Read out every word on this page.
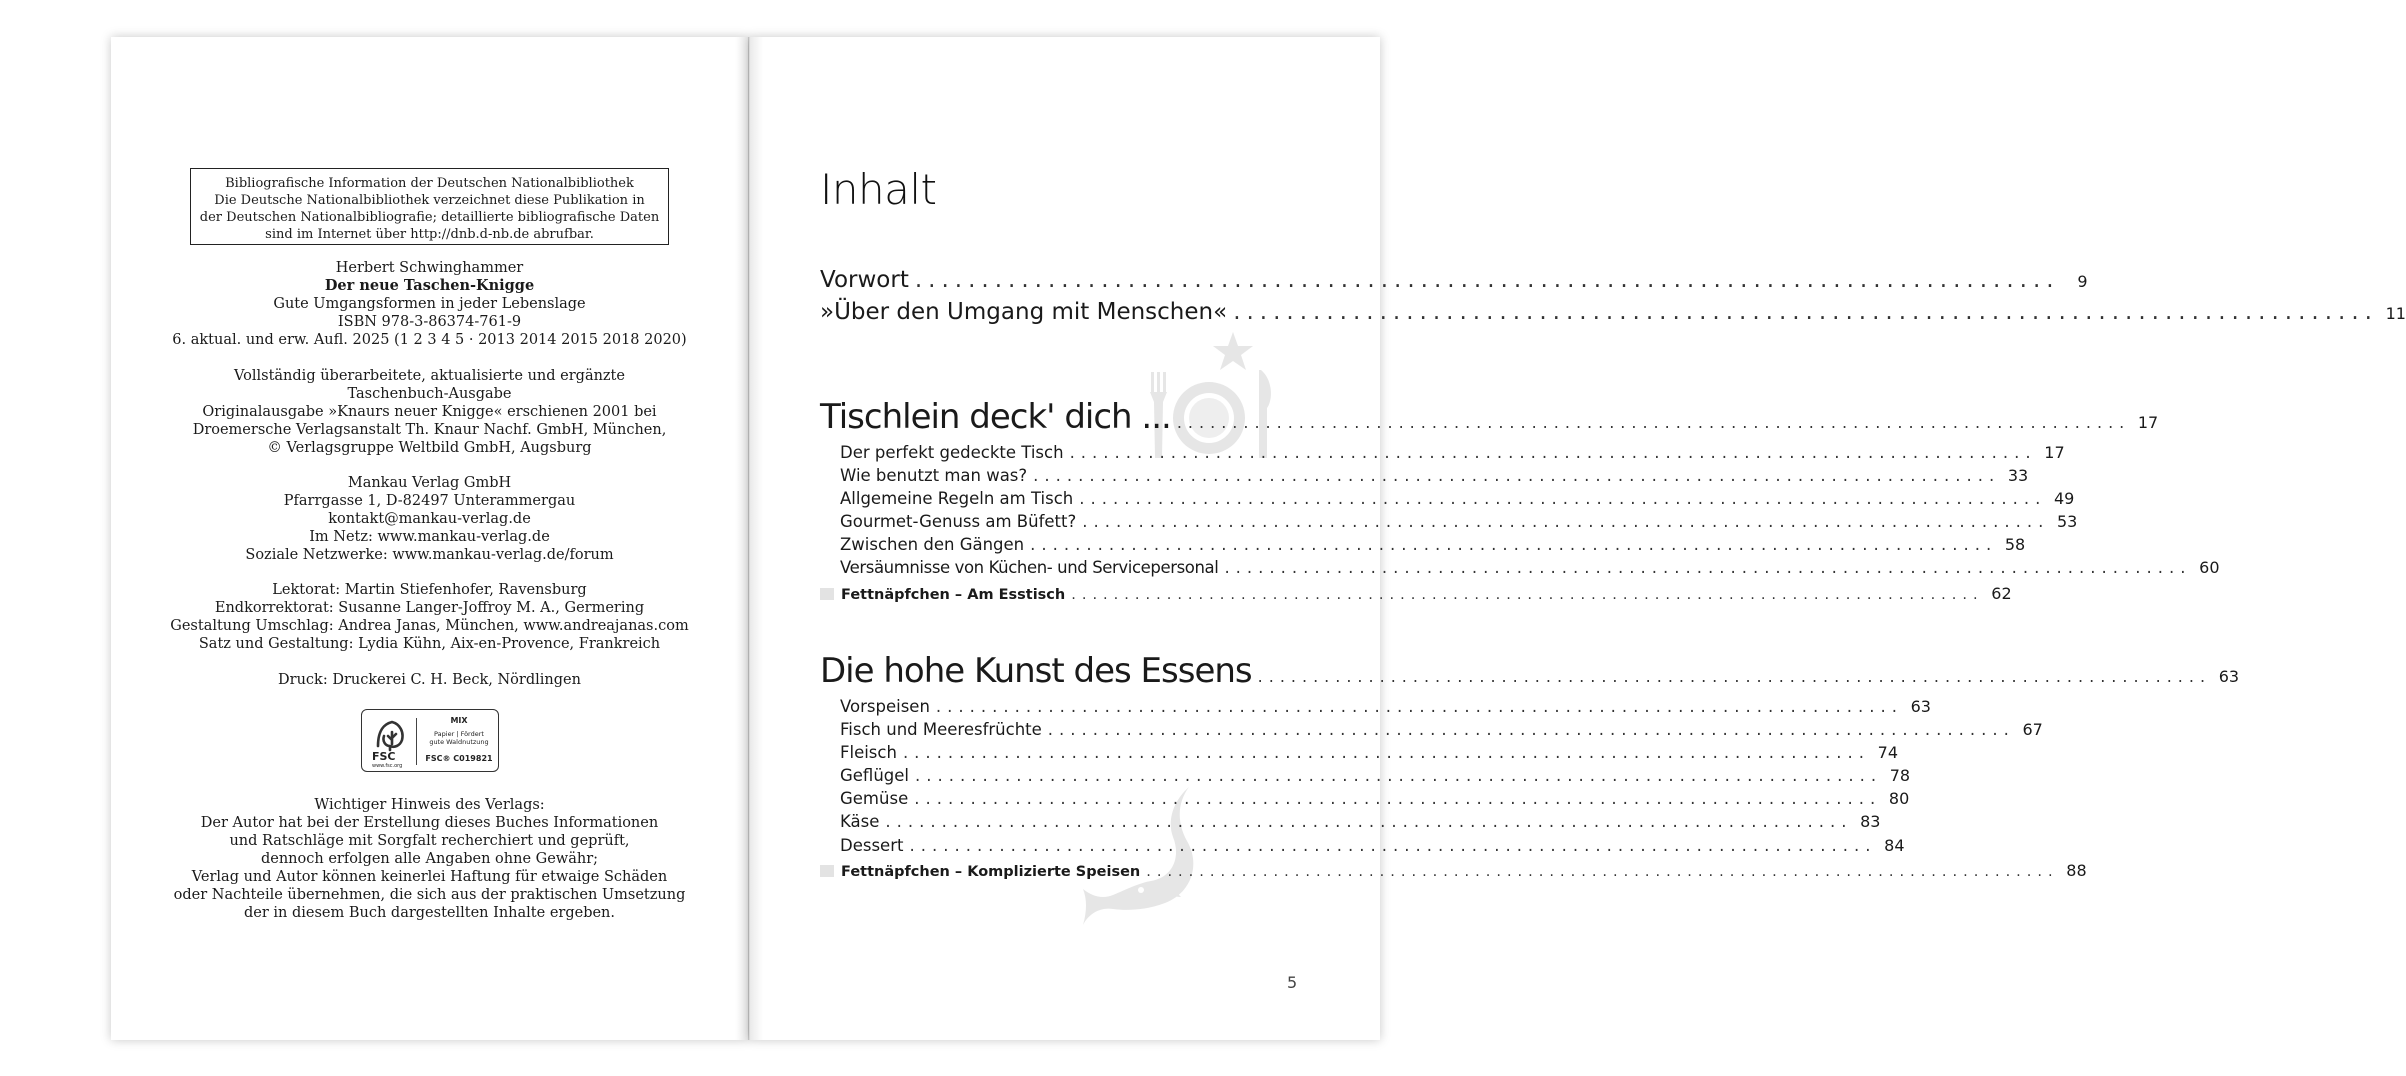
Bibliografische Information der Deutschen Nationalbibliothek
Die Deutsche Nationalbibliothek verzeichnet diese Publikation in
der Deutschen Nationalbibliografie; detaillierte bibliografische Daten
sind im Internet über http://dnb.d-nb.de abrufbar.
Herbert Schwinghammer
Der neue Taschen-Knigge
Gute Umgangsformen in jeder Lebenslage
ISBN 978-3-86374-761-9
6. aktual. und erw. Aufl. 2025 (1 2 3 4 5 · 2013 2014 2015 2018 2020)
Vollständig überarbeitete, aktualisierte und ergänzte
Taschenbuch-Ausgabe
Originalausgabe »Knaurs neuer Knigge« erschienen 2001 bei
Droemersche Verlagsanstalt Th. Knaur Nachf. GmbH, München,
© Verlagsgruppe Weltbild GmbH, Augsburg
Mankau Verlag GmbH
Pfarrgasse 1, D-82497 Unterammergau
kontakt@mankau-verlag.de
Im Netz: www.mankau-verlag.de
Soziale Netzwerke: www.mankau-verlag.de/forum
Lektorat: Martin Stiefenhofer, Ravensburg
Endkorrektorat: Susanne Langer-Joffroy M. A., Germering
Gestaltung Umschlag: Andrea Janas, München, www.andreajanas.com
Satz und Gestaltung: Lydia Kühn, Aix-en-Provence, Frankreich
Druck: Druckerei C. H. Beck, Nördlingen
FSC
www.fsc.org
MIX
Papier | Fördert
gute Waldnutzung
FSC® C019821
Wichtiger Hinweis des Verlags:
Der Autor hat bei der Erstellung dieses Buches Informationen
und Ratschläge mit Sorgfalt recherchiert und geprüft,
dennoch erfolgen alle Angaben ohne Gewähr;
Verlag und Autor können keinerlei Haftung für etwaige Schäden
oder Nachteile übernehmen, die sich aus der praktischen Umsetzung
der in diesem Buch dargestellten Inhalte ergeben.
Inhalt
Vorwort ......................................................................................	9
»Über den Umgang mit Menschen« ...................................................................................... 11
Tischlein deck' dich ... ...................................................................................... 17
Der perfekt gedeckte Tisch ...................................................................................... 17
Wie benutzt man was? ...................................................................................... 33
Allgemeine Regeln am Tisch ...................................................................................... 49
Gourmet-Genuss am Büfett? ...................................................................................... 53
Zwischen den Gängen ...................................................................................... 58
Versäumnisse von Küchen- und Servicepersonal ...................................................................................... 60
Fettnäpfchen – Am Esstisch ...................................................................................... 62
Die hohe Kunst des Essens ...................................................................................... 63
Vorspeisen ...................................................................................... 63
Fisch und Meeresfrüchte ...................................................................................... 67
Fleisch ...................................................................................... 74
Geflügel ...................................................................................... 78
Gemüse ...................................................................................... 80
Käse ...................................................................................... 83
Dessert ...................................................................................... 84
Fettnäpfchen – Komplizierte Speisen ...................................................................................... 88
5
